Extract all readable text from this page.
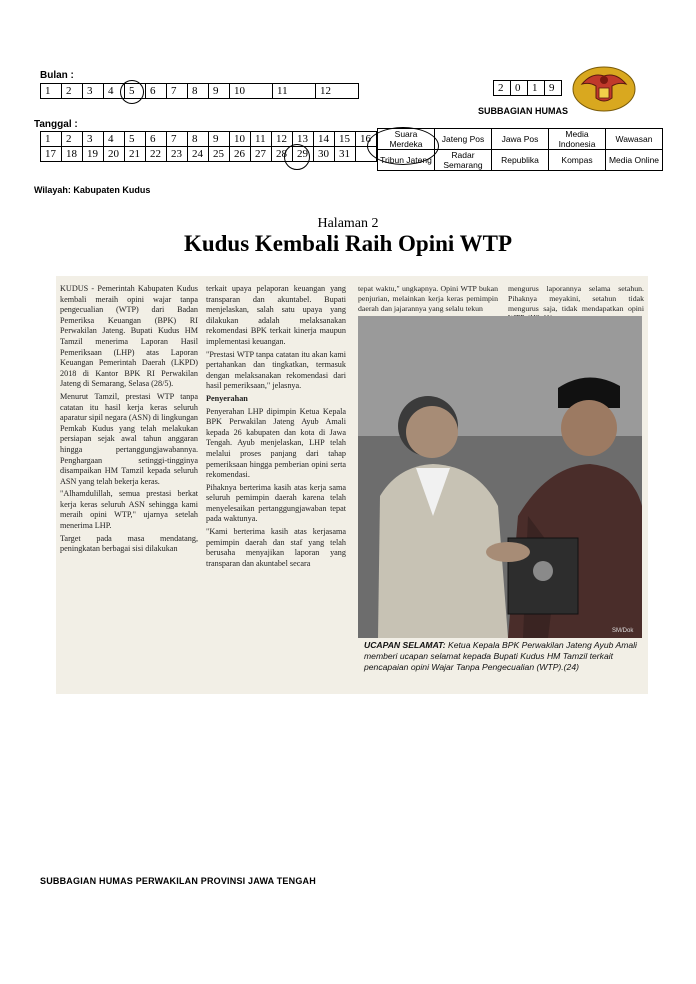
Bulan :
1	2	3	4	5	6	7	8	9	10	11	12	2	0	1	9
SUBBAGIAN HUMAS
Tanggal :
1	2	3	4	5	6	7	8	9	10	11	12	13	14	15	16
17	18	19	20	21	22	23	24	25	26	27	28	29	30	31	
Suara Merdeka	Jateng Pos	Jawa Pos	Media Indonesia	Wawasan
Tribun Jateng	Radar Semarang	Republika	Kompas	Media Online
Wilayah: Kabupaten Kudus
Halaman 2
Kudus Kembali Raih Opini WTP

KUDUS - Pemerintah Kabupaten Kudus kembali meraih opini wajar tanpa pengecualian (WTP) dari Badan Pemeriksa Keuangan (BPK) RI Perwakilan Jateng. Bupati Kudus HM Tamzil menerima Laporan Hasil Pemeriksaan (LHP) atas Laporan Keuangan Pemerintah Daerah (LKPD) 2018 di Kantor BPK RI Perwakilan Jateng di Semarang, Selasa (28/5).

Menurut Tamzil, prestasi WTP tanpa catatan itu hasil kerja keras seluruh aparatur sipil negara (ASN) di lingkungan Pemkab Kudus yang telah melakukan persiapan sejak awal tahun anggaran hingga pertanggungjawabannya. Penghargaan setinggi-tingginya disampaikan HM Tamzil kepada seluruh ASN yang telah bekerja keras.

"Alhamdulillah, semua prestasi berkat kerja keras seluruh ASN sehingga kami meraih opini WTP," ujarnya setelah menerima LHP.

Target pada masa mendatang, peningkatan berbagai sisi dilakukan

terkait upaya pelaporan keuangan yang transparan dan akuntabel. Bupati menjelaskan, salah satu upaya yang dilakukan adalah melaksanakan rekomendasi BPK terkait kinerja maupun implementasi keuangan.

"Prestasi WTP tanpa catatan itu akan kami pertahankan dan tingkatkan, termasuk dengan melaksanakan rekomendasi dari hasil pemeriksaan," jelasnya.

Penyerahan

Penyerahan LHP dipimpin Ketua Kepala BPK Perwakilan Jateng Ayub Amali kepada 26 kabupaten dan kota di Jawa Tengah. Ayub menjelaskan, LHP telah melalui proses panjang dari tahap pemeriksaan hingga pemberian opini serta rekomendasi.

Pihaknya berterima kasih atas kerja sama seluruh pemimpin daerah karena telah menyelesaikan pertanggungjawaban tepat pada waktunya.

"Kami berterima kasih atas kerjasama pemimpin daerah dan staf yang telah berusaha menyajikan laporan yang transparan dan akuntabel secara

tepat waktu," ungkapnya. Opini WTP bukan penjurian, melainkan kerja keras pemimpin daerah dan jajarannya yang selalu tekun
mengurus laporannya selama setahun. Pihaknya meyakini, setahun tidak mengurus saja, tidak mendapatkan opini
SM/Dok
UCAPAN SELAMAT: Ketua Kepala BPK Perwakilan Jateng Ayub Amali memberi ucapan selamat kepada Bupati Kudus HM Tamzil terkait pencapaian opini Wajar Tanpa Pengecualian (WTP).(24)
SUBBAGIAN HUMAS PERWAKILAN PROVINSI JAWA TENGAH
